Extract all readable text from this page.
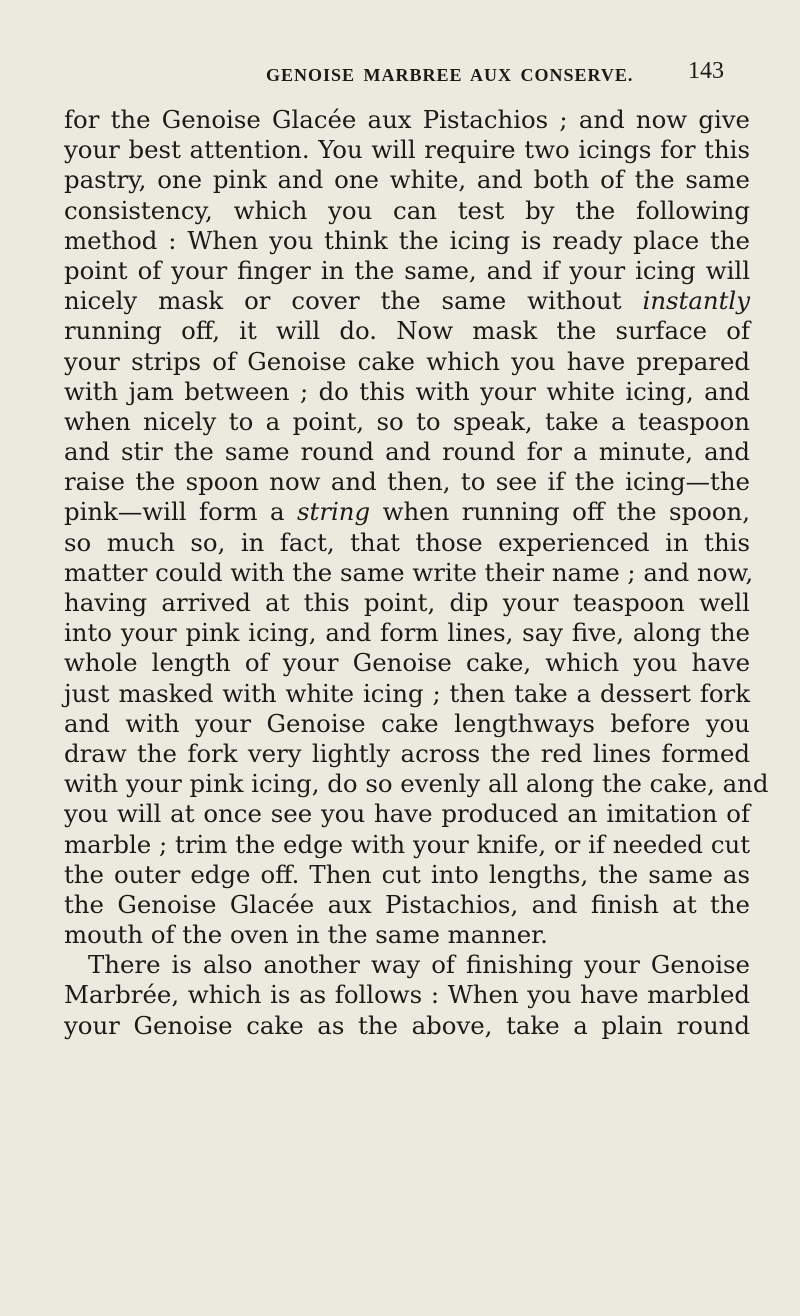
GENOISE MARBREE AUX CONSERVE. 143
for the Genoise Glacée aux Pistachios ; and now give
your best attention. You will require two icings for this
pastry, one pink and one white, and both of the same
consistency, which you can test by the following
method : When you think the icing is ready place the
point of your finger in the same, and if your icing will
nicely mask or cover the same without instantly
running off, it will do. Now mask the surface of
your strips of Genoise cake which you have prepared
with jam between ; do this with your white icing, and
when nicely to a point, so to speak, take a teaspoon
and stir the same round and round for a minute, and
raise the spoon now and then, to see if the icing—the
pink—will form a string when running off the spoon,
so much so, in fact, that those experienced in this
matter could with the same write their name ; and now,
having arrived at this point, dip your teaspoon well
into your pink icing, and form lines, say five, along the
whole length of your Genoise cake, which you have
just masked with white icing ; then take a dessert fork
and with your Genoise cake lengthways before you
draw the fork very lightly across the red lines formed
with your pink icing, do so evenly all along the cake, and
you will at once see you have produced an imitation of
marble ; trim the edge with your knife, or if needed cut
the outer edge off. Then cut into lengths, the same as
the Genoise Glacée aux Pistachios, and finish at the
mouth of the oven in the same manner.
There is also another way of finishing your Genoise
Marbrée, which is as follows : When you have marbled
your Genoise cake as the above, take a plain round
